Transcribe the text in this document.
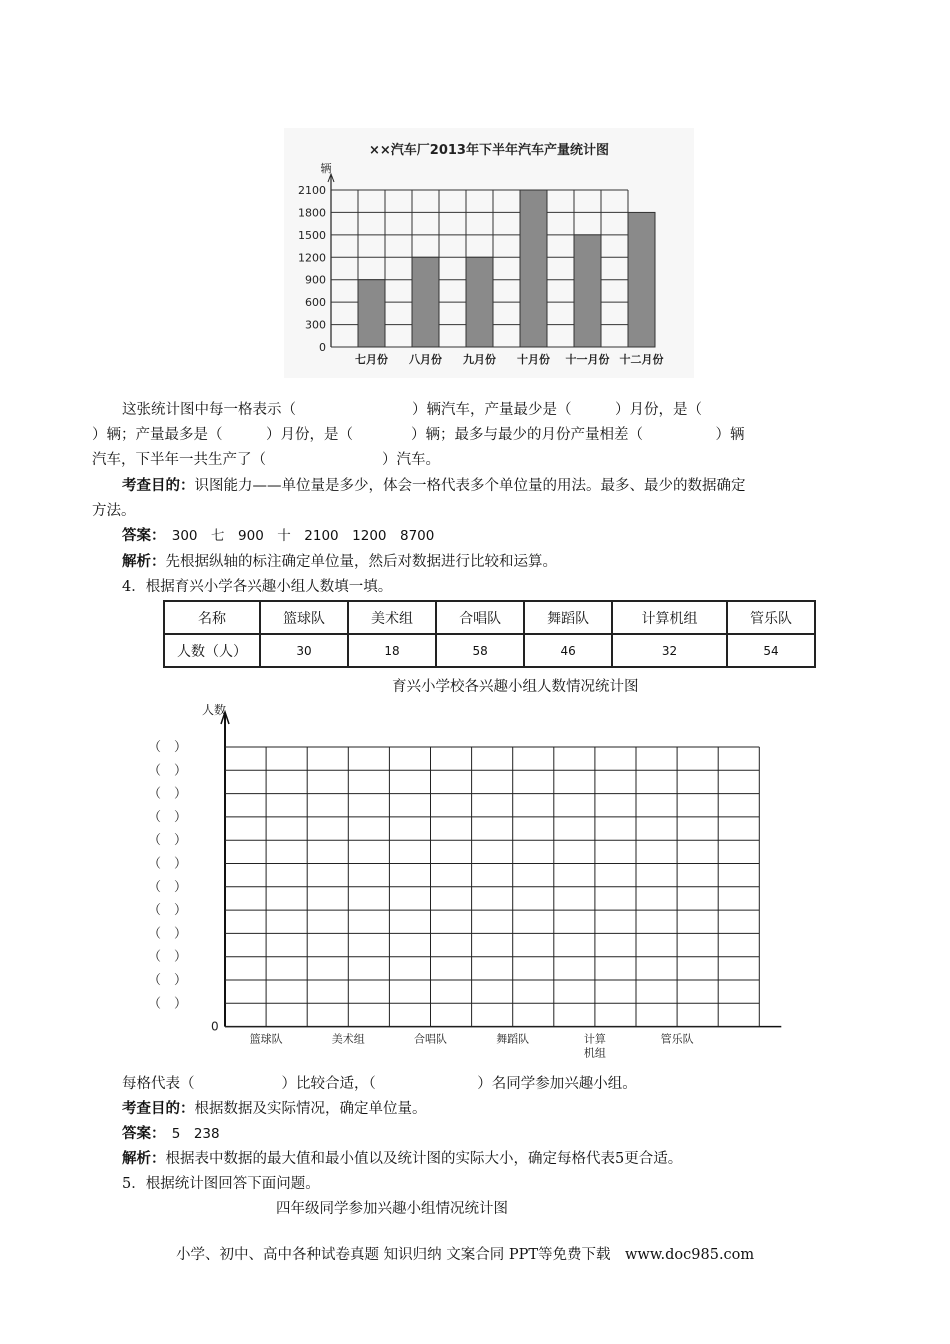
××汽车厂2013年下半年汽车产量统计图
辆
0
300
600
900
1200
1500
1800
2100
七月份 八月份 九月份 十月份 十一月份 十二月份
这张统计图中每一格表示（　　　　　　　　）辆汽车，产量最少是（　　　）月份，是（
）辆；产量最多是（　　　）月份，是（　　　　）辆；最多与最少的月份产量相差（　　　　　）辆
汽车，下半年一共生产了（　　　　　　　　）汽车。
考查目的：识图能力——单位量是多少，体会一格代表多个单位量的用法。最多、最少的数据确定
方法。
答案：　300　七　900　十　2100　1200　8700
解析：先根据纵轴的标注确定单位量，然后对数据进行比较和运算。
4．根据育兴小学各兴趣小组人数填一填。
名称	篮球队	美术组	合唱队	舞蹈队	计算机组	管乐队
人数（人）	30	18	58	46	32	54
育兴小学校各兴趣小组人数情况统计图
人数
0
（　）
（　）
（　）
（　）
（　）
（　）
（　）
（　）
（　）
（　）
（　）
（　）
篮球队	美术组	合唱队	舞蹈队	计算
机组
管乐队
每格代表（　　　　　　）比较合适，（　　　　　　　）名同学参加兴趣小组。
考查目的：根据数据及实际情况，确定单位量。
答案：　5　238
解析：根据表中数据的最大值和最小值以及统计图的实际大小，确定每格代表5更合适。
5．根据统计图回答下面问题。
四年级同学参加兴趣小组情况统计图
小学、初中、高中各种试卷真题 知识归纳 文案合同 PPT等免费下载　www.doc985.com
